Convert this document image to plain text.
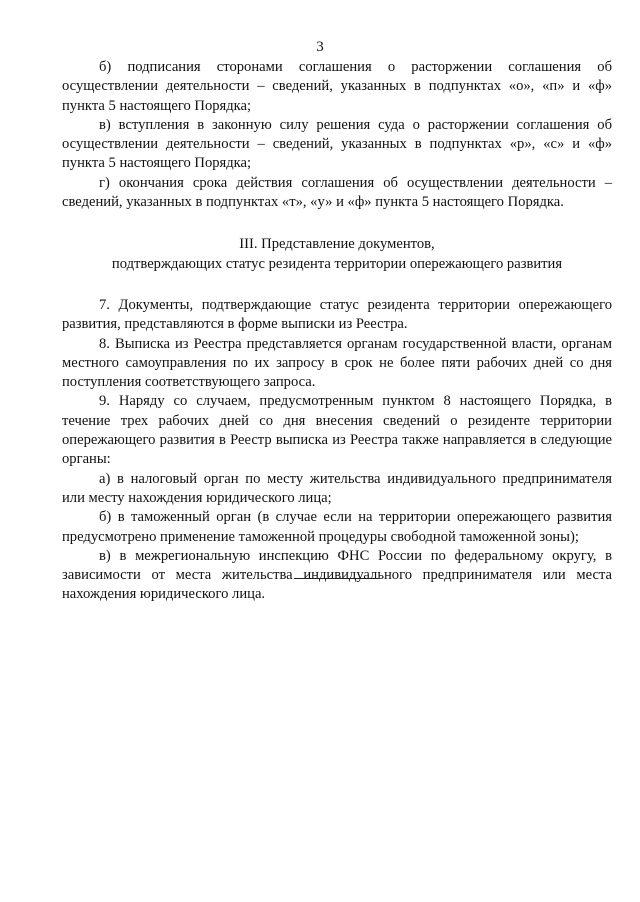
3

б) подписания сторонами соглашения о расторжении соглашения об осуществлении деятельности – сведений, указанных в подпунктах «о», «п» и «ф» пункта 5 настоящего Порядка;

в) вступления в законную силу решения суда о расторжении соглашения об осуществлении деятельности – сведений, указанных в подпунктах «р», «с» и «ф» пункта 5 настоящего Порядка;

г) окончания срока действия соглашения об осуществлении деятельности – сведений, указанных в подпунктах «т», «у» и «ф» пункта 5 настоящего Порядка.

III. Представление документов,
подтверждающих статус резидента территории опережающего развития

7. Документы, подтверждающие статус резидента территории опережающего развития, представляются в форме выписки из Реестра.

8. Выписка из Реестра представляется органам государственной власти, органам местного самоуправления по их запросу в срок не более пяти рабочих дней со дня поступления соответствующего запроса.

9. Наряду со случаем, предусмотренным пунктом 8 настоящего Порядка, в течение трех рабочих дней со дня внесения сведений о резиденте территории опережающего развития в Реестр выписка из Реестра также направляется в следующие органы:

а) в налоговый орган по месту жительства индивидуального предпринимателя или месту нахождения юридического лица;

б) в таможенный орган (в случае если на территории опережающего развития предусмотрено применение таможенной процедуры свободной таможенной зоны);

в) в межрегиональную инспекцию ФНС России по федеральному округу, в зависимости от места жительства индивидуального предпринимателя или места нахождения юридического лица.
